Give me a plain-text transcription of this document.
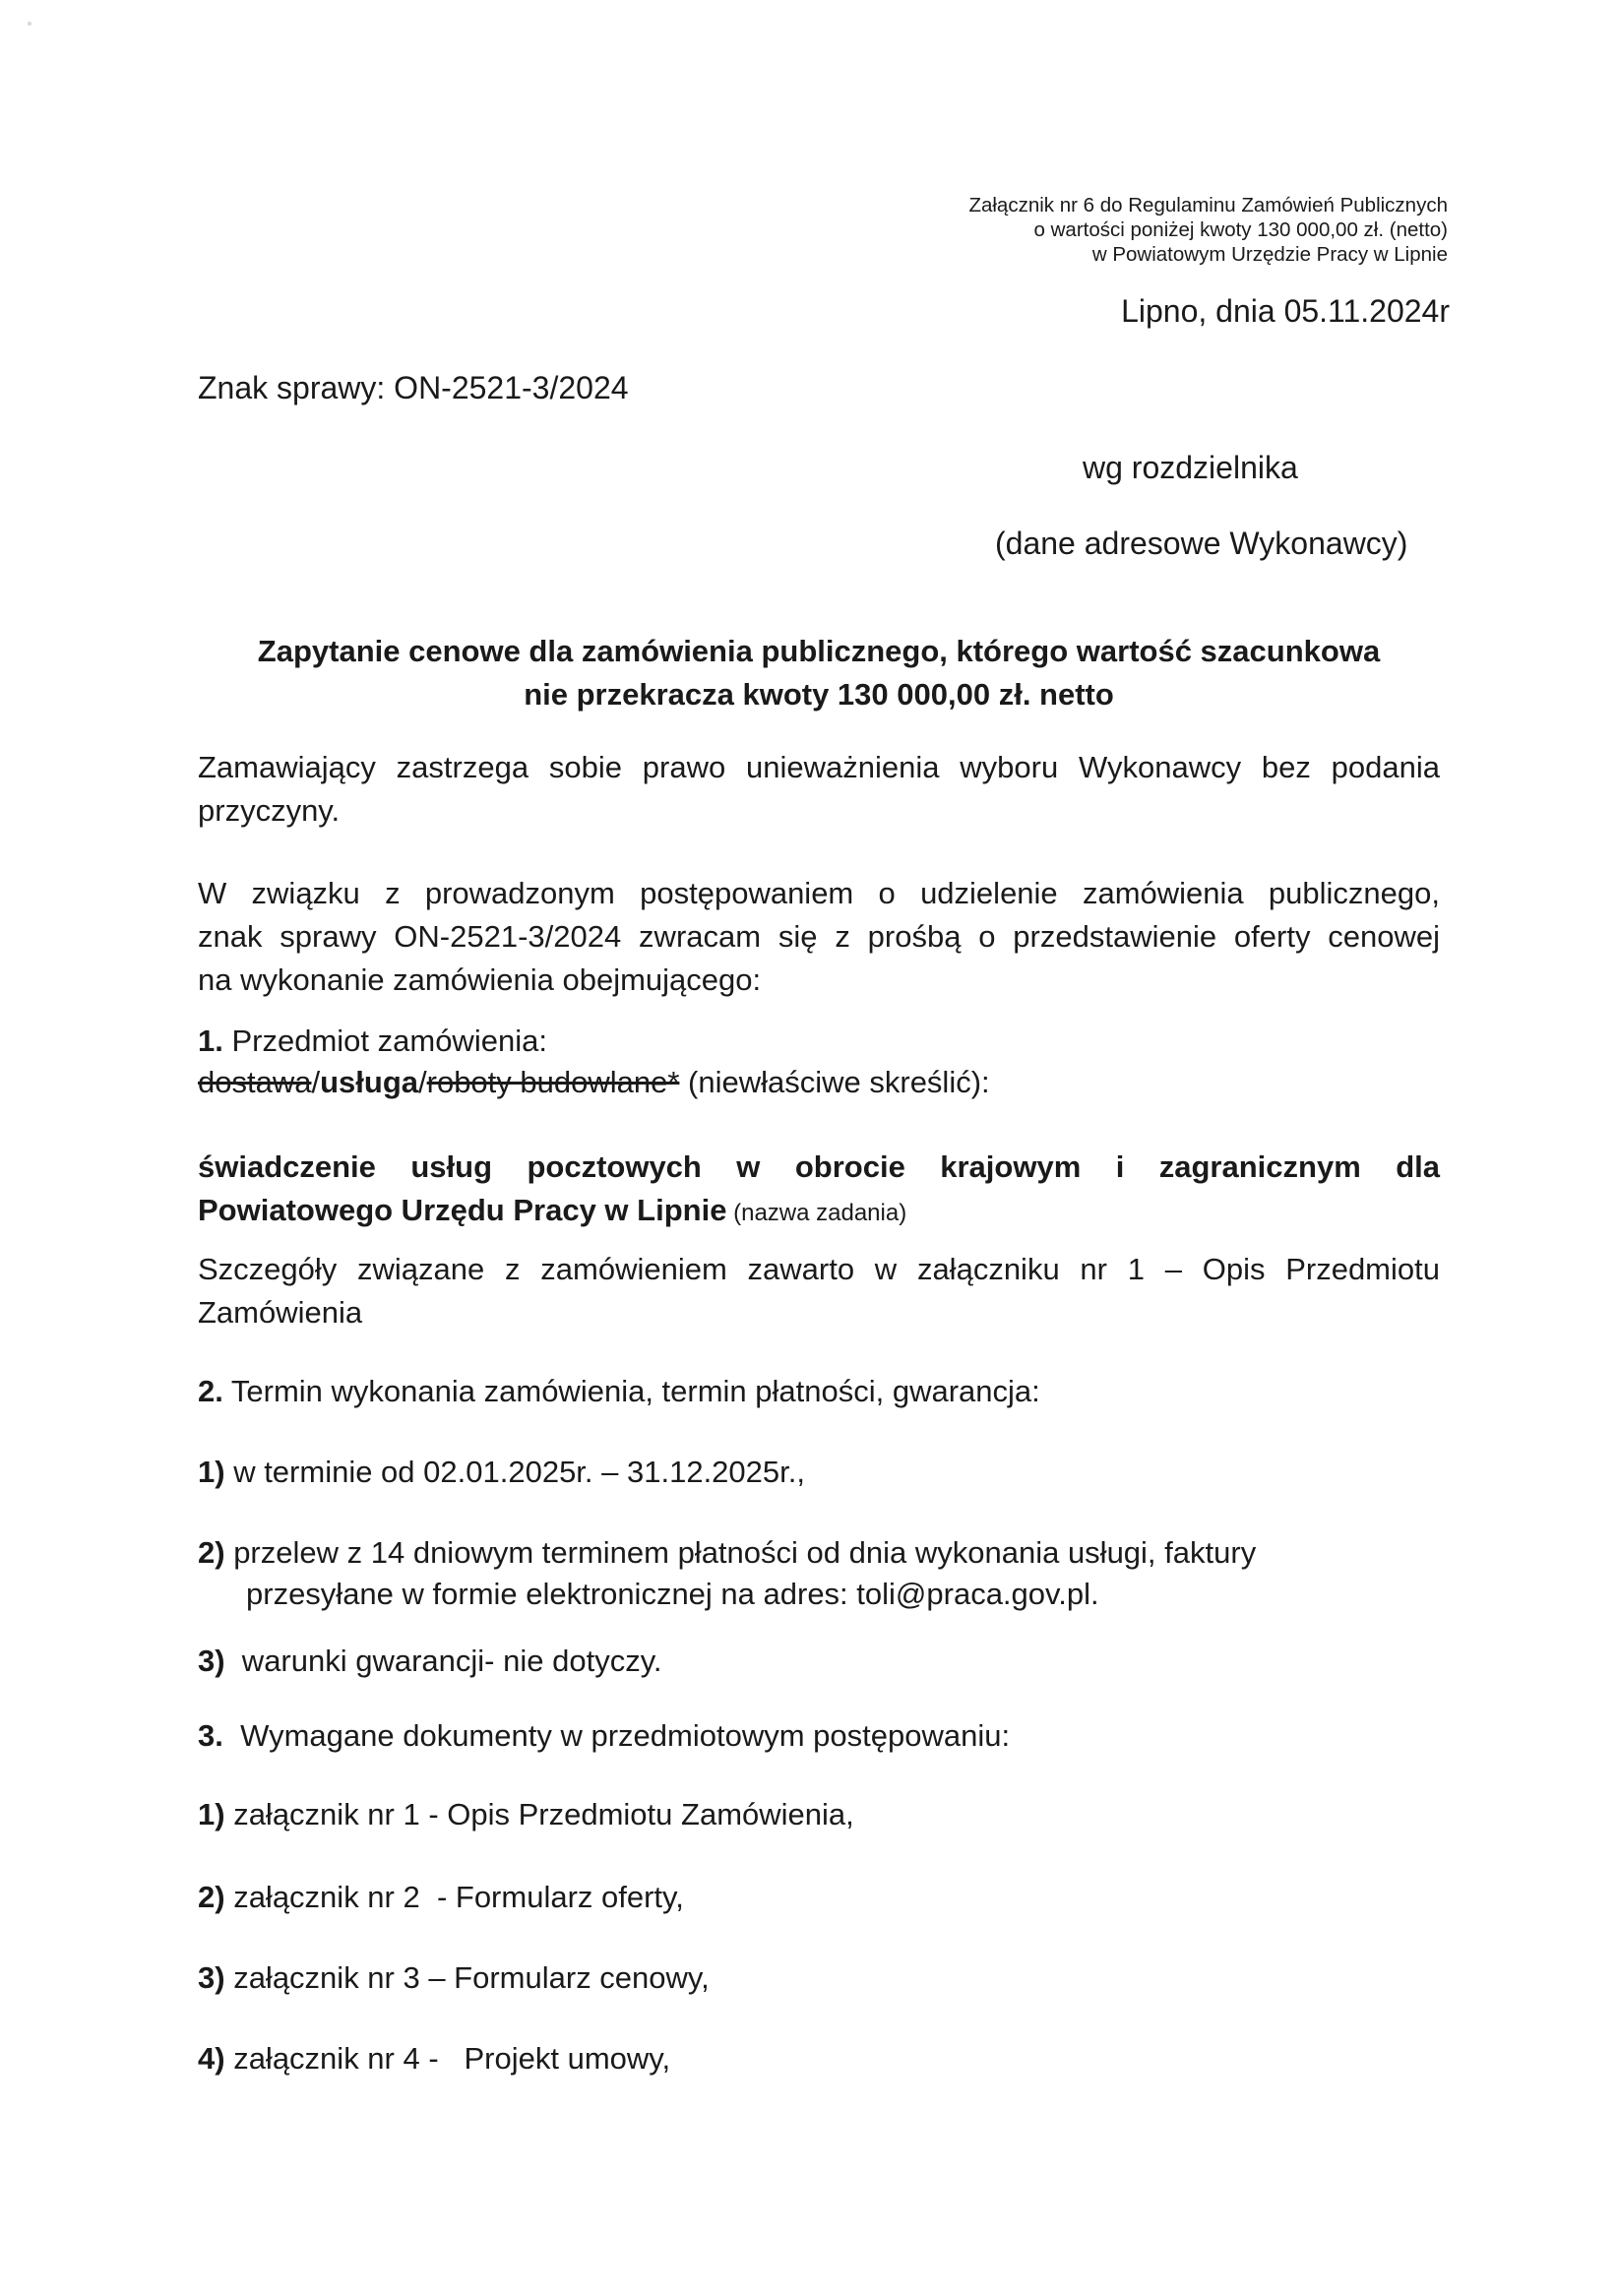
Załącznik nr 6 do Regulaminu Zamówień Publicznych
o wartości poniżej kwoty 130 000,00 zł. (netto)
w Powiatowym Urzędzie Pracy w Lipnie
Lipno, dnia 05.11.2024r
Znak sprawy: ON-2521-3/2024
wg rozdzielnika
(dane adresowe Wykonawcy)
Zapytanie cenowe dla zamówienia publicznego, którego wartość szacunkowa
nie przekracza kwoty 130 000,00 zł. netto
Zamawiający zastrzega sobie prawo unieważnienia wyboru Wykonawcy bez podania
przyczyny.
W związku z prowadzonym postępowaniem o udzielenie zamówienia publicznego,
znak sprawy ON-2521-3/2024 zwracam się z prośbą o przedstawienie oferty cenowej
na wykonanie zamówienia obejmującego:
1. Przedmiot zamówienia:
dostawa/usługa/roboty budowlane* (niewłaściwe skreślić):
świadczenie usług pocztowych w obrocie krajowym i zagranicznym dla
Powiatowego Urzędu Pracy w Lipnie (nazwa zadania)
Szczegóły związane z zamówieniem zawarto w załączniku nr 1 – Opis Przedmiotu
Zamówienia
2. Termin wykonania zamówienia, termin płatności, gwarancja:
1) w terminie od 02.01.2025r. – 31.12.2025r.,
2) przelew z 14 dniowym terminem płatności od dnia wykonania usługi, faktury
przesyłane w formie elektronicznej na adres: toli@praca.gov.pl.
3)  warunki gwarancji- nie dotyczy.
3.  Wymagane dokumenty w przedmiotowym postępowaniu:
1) załącznik nr 1 - Opis Przedmiotu Zamówienia,
2) załącznik nr 2  - Formularz oferty,
3) załącznik nr 3 – Formularz cenowy,
4) załącznik nr 4 -   Projekt umowy,
